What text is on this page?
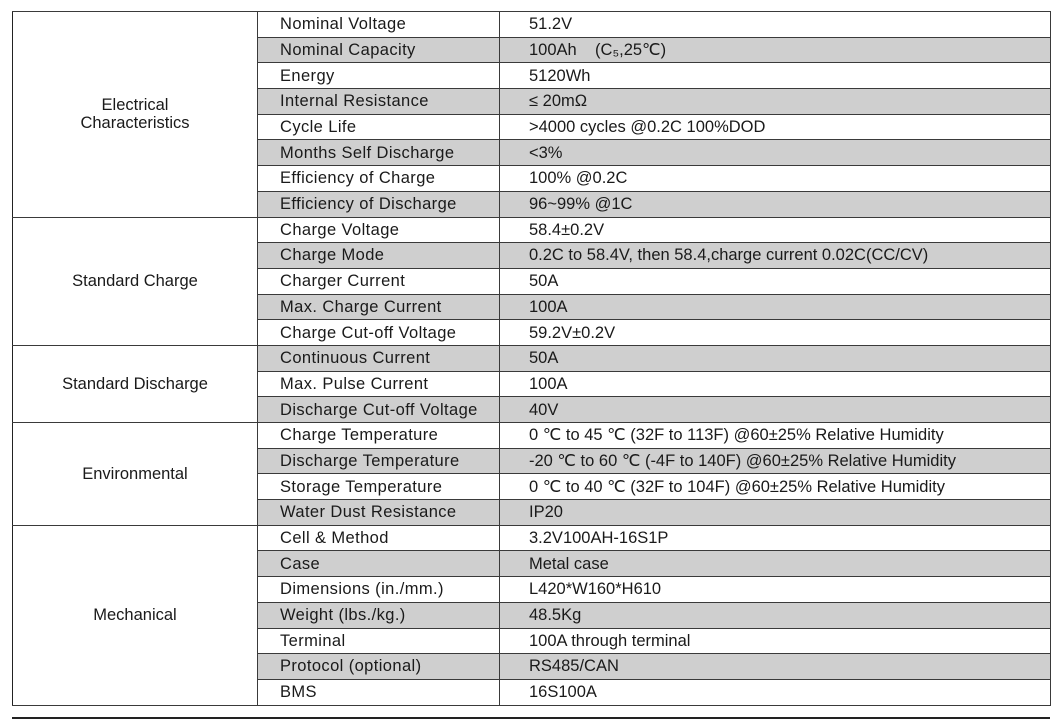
Electrical
Characteristics	Nominal Voltage	51.2V
	Nominal Capacity	100Ah    (C₅,25℃)
	Energy	5120Wh
	Internal Resistance	≤ 20mΩ
	Cycle Life	>4000 cycles @0.2C 100%DOD
	Months Self Discharge	<3%
	Efficiency of Charge	100% @0.2C
	Efficiency of Discharge	96~99% @1C
Standard Charge	Charge Voltage	58.4±0.2V
	Charge Mode	0.2C to 58.4V, then 58.4,charge current 0.02C(CC/CV)
	Charger Current	50A
	Max. Charge Current	100A
	Charge Cut-off Voltage	59.2V±0.2V
Standard Discharge	Continuous Current	50A
	Max. Pulse Current	100A
	Discharge Cut-off Voltage	40V
Environmental	Charge Temperature	0 ℃ to 45 ℃ (32F to 113F) @60±25% Relative Humidity
	Discharge Temperature	-20 ℃ to 60 ℃ (-4F to 140F) @60±25% Relative Humidity
	Storage Temperature	0 ℃ to 40 ℃ (32F to 104F) @60±25% Relative Humidity
	Water Dust Resistance	IP20
Mechanical	Cell & Method	3.2V100AH-16S1P
	Case	Metal case
	Dimensions (in./mm.)	L420*W160*H610
	Weight (lbs./kg.)	48.5Kg
	Terminal	100A through terminal
	Protocol (optional)	RS485/CAN
	BMS	16S100A
